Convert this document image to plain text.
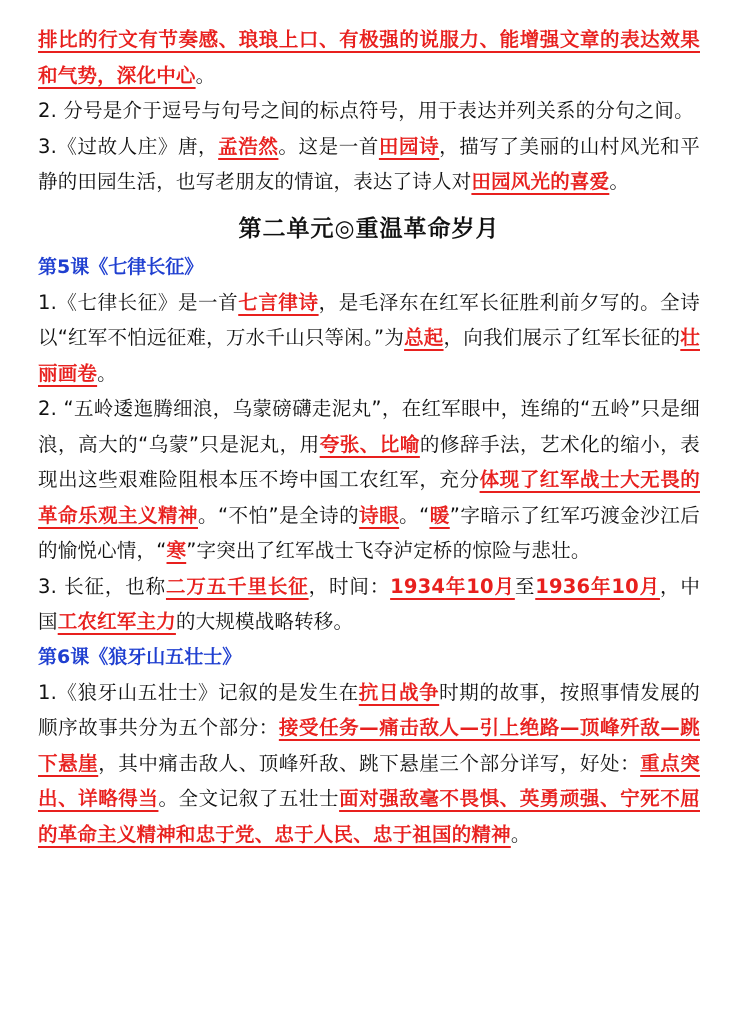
排比的行文有节奏感、琅琅上口、有极强的说服力、能增强文章的表达效果和气势，深化中心。

2. 分号是介于逗号与句号之间的标点符号，用于表达并列关系的分句之间。

3.《过故人庄》唐，孟浩然。这是一首田园诗，描写了美丽的山村风光和平静的田园生活，也写老朋友的情谊，表达了诗人对田园风光的喜爱。

第二单元◎重温革命岁月
第5课《七律长征》

1.《七律长征》是一首七言律诗，是毛泽东在红军长征胜利前夕写的。全诗以“红军不怕远征难，万水千山只等闲。”为总起，向我们展示了红军长征的壮丽画卷。

2. “五岭逶迤腾细浪，乌蒙磅礴走泥丸”，在红军眼中，连绵的“五岭”只是细浪，高大的“乌蒙”只是泥丸，用夸张、比喻的修辞手法，艺术化的缩小，表现出这些艰难险阻根本压不垮中国工农红军，充分体现了红军战士大无畏的革命乐观主义精神。“不怕”是全诗的诗眼。“暖”字暗示了红军巧渡金沙江后的愉悦心情，“寒”字突出了红军战士飞夺泸定桥的惊险与悲壮。

3. 长征，也称二万五千里长征，时间：1934年10月至1936年10月，中国工农红军主力的大规模战略转移。

第6课《狼牙山五壮士》

1.《狼牙山五壮士》记叙的是发生在抗日战争时期的故事，按照事情发展的顺序故事共分为五个部分：接受任务—痛击敌人—引上绝路—顶峰歼敌—跳下悬崖，其中痛击敌人、顶峰歼敌、跳下悬崖三个部分详写，好处：重点突出、详略得当。全文记叙了五壮士面对强敌毫不畏惧、英勇顽强、宁死不屈的革命主义精神和忠于党、忠于人民、忠于祖国的精神。
